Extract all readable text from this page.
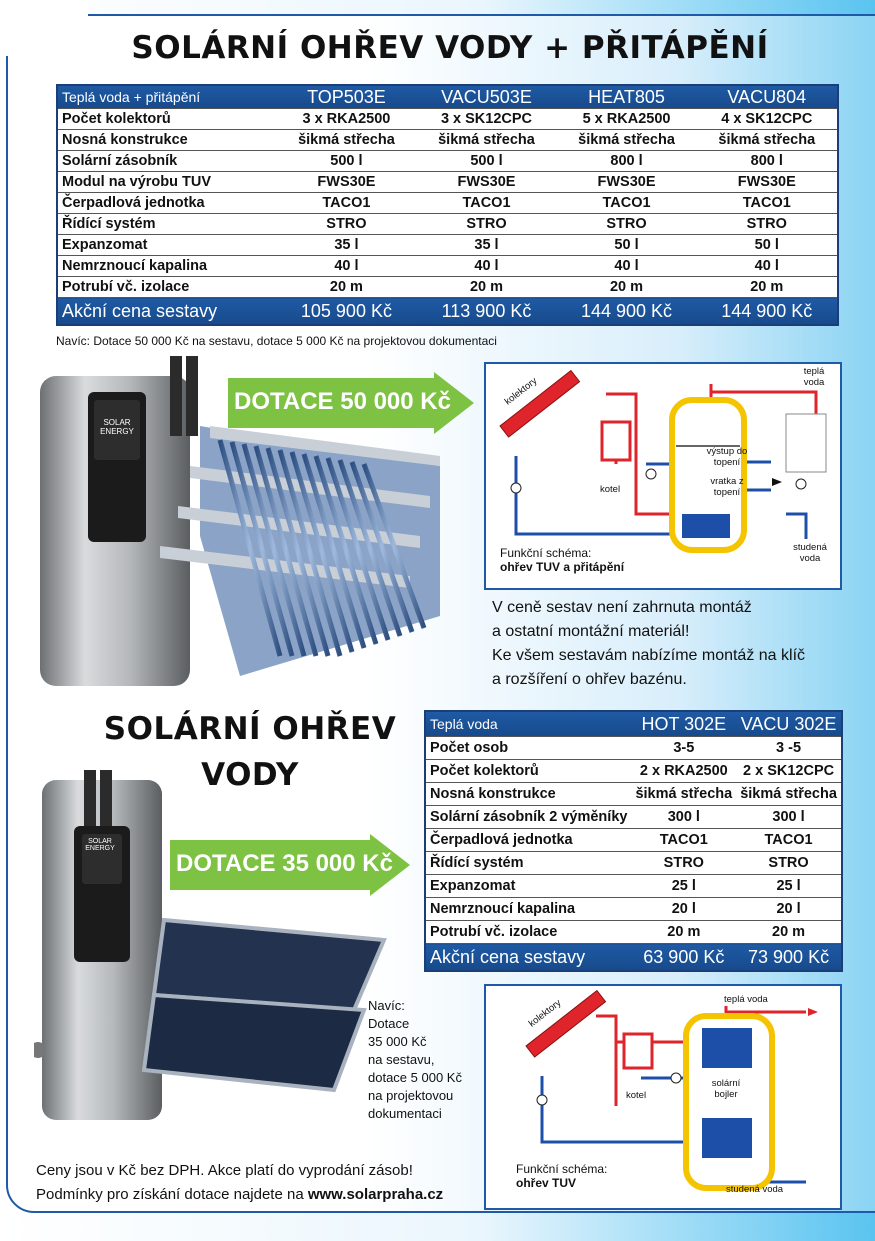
SOLÁRNÍ OHŘEV VODY + PŘITÁPĚNÍ
Teplá voda + přitápění	TOP503E	VACU503E	HEAT805	VACU804
Počet kolektorů	3 x RKA2500	3 x SK12CPC	5 x RKA2500	4 x SK12CPC
Nosná konstrukce	šikmá střecha	šikmá střecha	šikmá střecha	šikmá střecha
Solární zásobník	500 l	500 l	800 l	800 l
Modul na výrobu TUV	FWS30E	FWS30E	FWS30E	FWS30E
Čerpadlová jednotka	TACO1	TACO1	TACO1	TACO1
Řídící systém	STRO	STRO	STRO	STRO
Expanzomat	35 l	35 l	50 l	50 l
Nemrznoucí kapalina	40 l	40 l	40 l	40 l
Potrubí vč. izolace	20 m	20 m	20 m	20 m
Akční cena sestavy	105 900 Kč	113 900 Kč	144 900 Kč	144 900 Kč
Navíc: Dotace 50 000 Kč na sestavu, dotace 5 000 Kč na projektovou dokumentaci
SOLAR ENERGY
DOTACE 50 000 Kč	kolektory
teplá voda
výstup do topení
vratka z topení
kotel
studená voda
Funkční schéma:
ohřev TUV a přitápění
V ceně sestav není zahrnuta montáž
a ostatní montážní materiál!
Ke všem sestavám nabízíme montáž na klíč
a rozšíření o ohřev bazénu.
SOLÁRNÍ OHŘEV
VODY
Teplá voda	HOT 302E	VACU 302E
Počet osob	3-5	3 -5
Počet kolektorů	2 x RKA2500	2 x SK12CPC
Nosná konstrukce	šikmá střecha	šikmá střecha
Solární zásobník 2 výměníky	300 l	300 l
Čerpadlová jednotka	TACO1	TACO1
Řídící systém	STRO	STRO
Expanzomat	25 l	25 l
Nemrznoucí kapalina	20 l	20 l
Potrubí vč. izolace	20 m	20 m
Akční cena sestavy	63 900 Kč	73 900 Kč
SOLAR ENERGY
DOTACE 35 000 Kč
Navíc:
Dotace
35 000 Kč
na sestavu,
dotace 5 000 Kč
na projektovou
dokumentaci
kolektory	teplá voda
kotel
solární bojler
studená voda
Funkční schéma:
ohřev TUV
Ceny jsou v Kč bez DPH. Akce platí do vyprodání zásob!
Podmínky pro získání dotace najdete na www.solarpraha.cz
